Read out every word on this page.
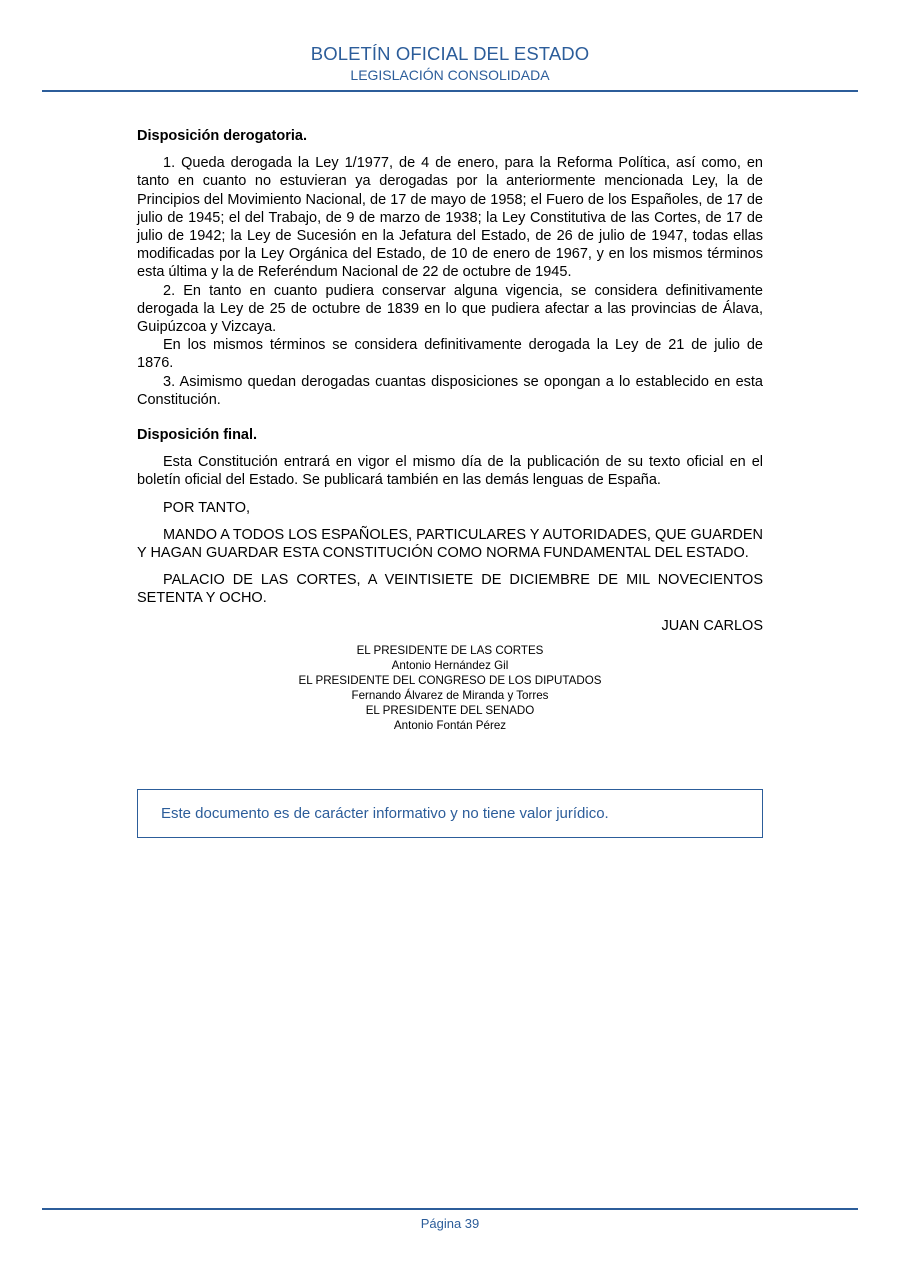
BOLETÍN OFICIAL DEL ESTADO
LEGISLACIÓN CONSOLIDADA
Disposición derogatoria.

1. Queda derogada la Ley 1/1977, de 4 de enero, para la Reforma Política, así como, en tanto en cuanto no estuvieran ya derogadas por la anteriormente mencionada Ley, la de Principios del Movimiento Nacional, de 17 de mayo de 1958; el Fuero de los Españoles, de 17 de julio de 1945; el del Trabajo, de 9 de marzo de 1938; la Ley Constitutiva de las Cortes, de 17 de julio de 1942; la Ley de Sucesión en la Jefatura del Estado, de 26 de julio de 1947, todas ellas modificadas por la Ley Orgánica del Estado, de 10 de enero de 1967, y en los mismos términos esta última y la de Referéndum Nacional de 22 de octubre de 1945.

2. En tanto en cuanto pudiera conservar alguna vigencia, se considera definitivamente derogada la Ley de 25 de octubre de 1839 en lo que pudiera afectar a las provincias de Álava, Guipúzcoa y Vizcaya.

En los mismos términos se considera definitivamente derogada la Ley de 21 de julio de 1876.

3. Asimismo quedan derogadas cuantas disposiciones se opongan a lo establecido en esta Constitución.

Disposición final.

Esta Constitución entrará en vigor el mismo día de la publicación de su texto oficial en el boletín oficial del Estado. Se publicará también en las demás lenguas de España.

POR TANTO,

MANDO A TODOS LOS ESPAÑOLES, PARTICULARES Y AUTORIDADES, QUE GUARDEN Y HAGAN GUARDAR ESTA CONSTITUCIÓN COMO NORMA FUNDAMENTAL DEL ESTADO.

PALACIO DE LAS CORTES, A VEINTISIETE DE DICIEMBRE DE MIL NOVECIENTOS SETENTA Y OCHO.

JUAN CARLOS

EL PRESIDENTE DE LAS CORTES
Antonio Hernández Gil
EL PRESIDENTE DEL CONGRESO DE LOS DIPUTADOS
Fernando Álvarez de Miranda y Torres
EL PRESIDENTE DEL SENADO
Antonio Fontán Pérez
Este documento es de carácter informativo y no tiene valor jurídico.
Página 39
